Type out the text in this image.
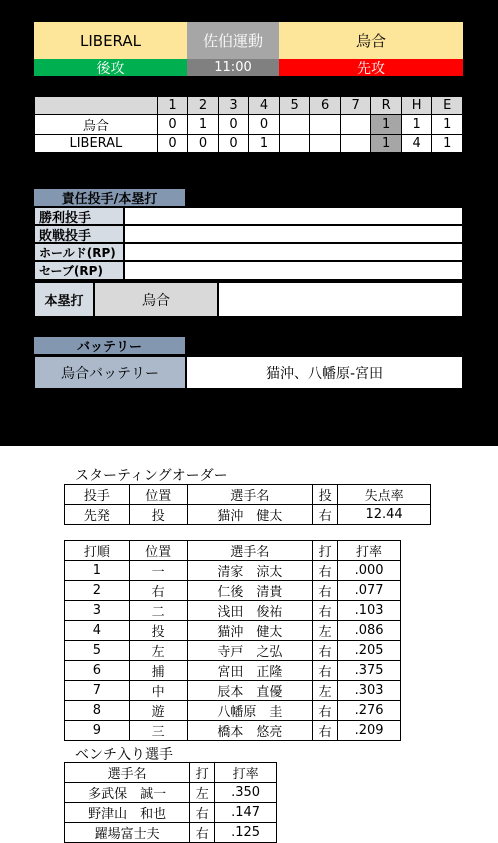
LIBERAL	佐伯運動	烏合
後攻	11:00	先攻
	1	2	3	4	5	6	7	R	H	E
烏合	0	1	0	0				1	1	1
LIBERAL	0	0	0	1				1	4	1
責任投手/本塁打
勝利投手
敗戦投手
ホールド(RP)
セーブ(RP)
本塁打	烏合
バッテリー
烏合バッテリー	猫沖、八幡原-宮田
スターティングオーダー
投手	位置	選手名	投	失点率
先発	投	猫沖　健太	右	12.44
打順	位置	選手名	打	打率
1	一	清家　涼太	右	.000
2	右	仁後　清貴	右	.077
3	二	浅田　俊祐	右	.103
4	投	猫沖　健太	左	.086
5	左	寺戸　之弘	右	.205
6	捕	宮田　正隆	右	.375
7	中	辰本　直優	左	.303
8	遊	八幡原　圭	右	.276
9	三	橋本　悠亮	右	.209
ベンチ入り選手
選手名	打	打率
多武保　誠一	左	.350
野津山　和也	右	.147
躍場富士夫	右	.125
